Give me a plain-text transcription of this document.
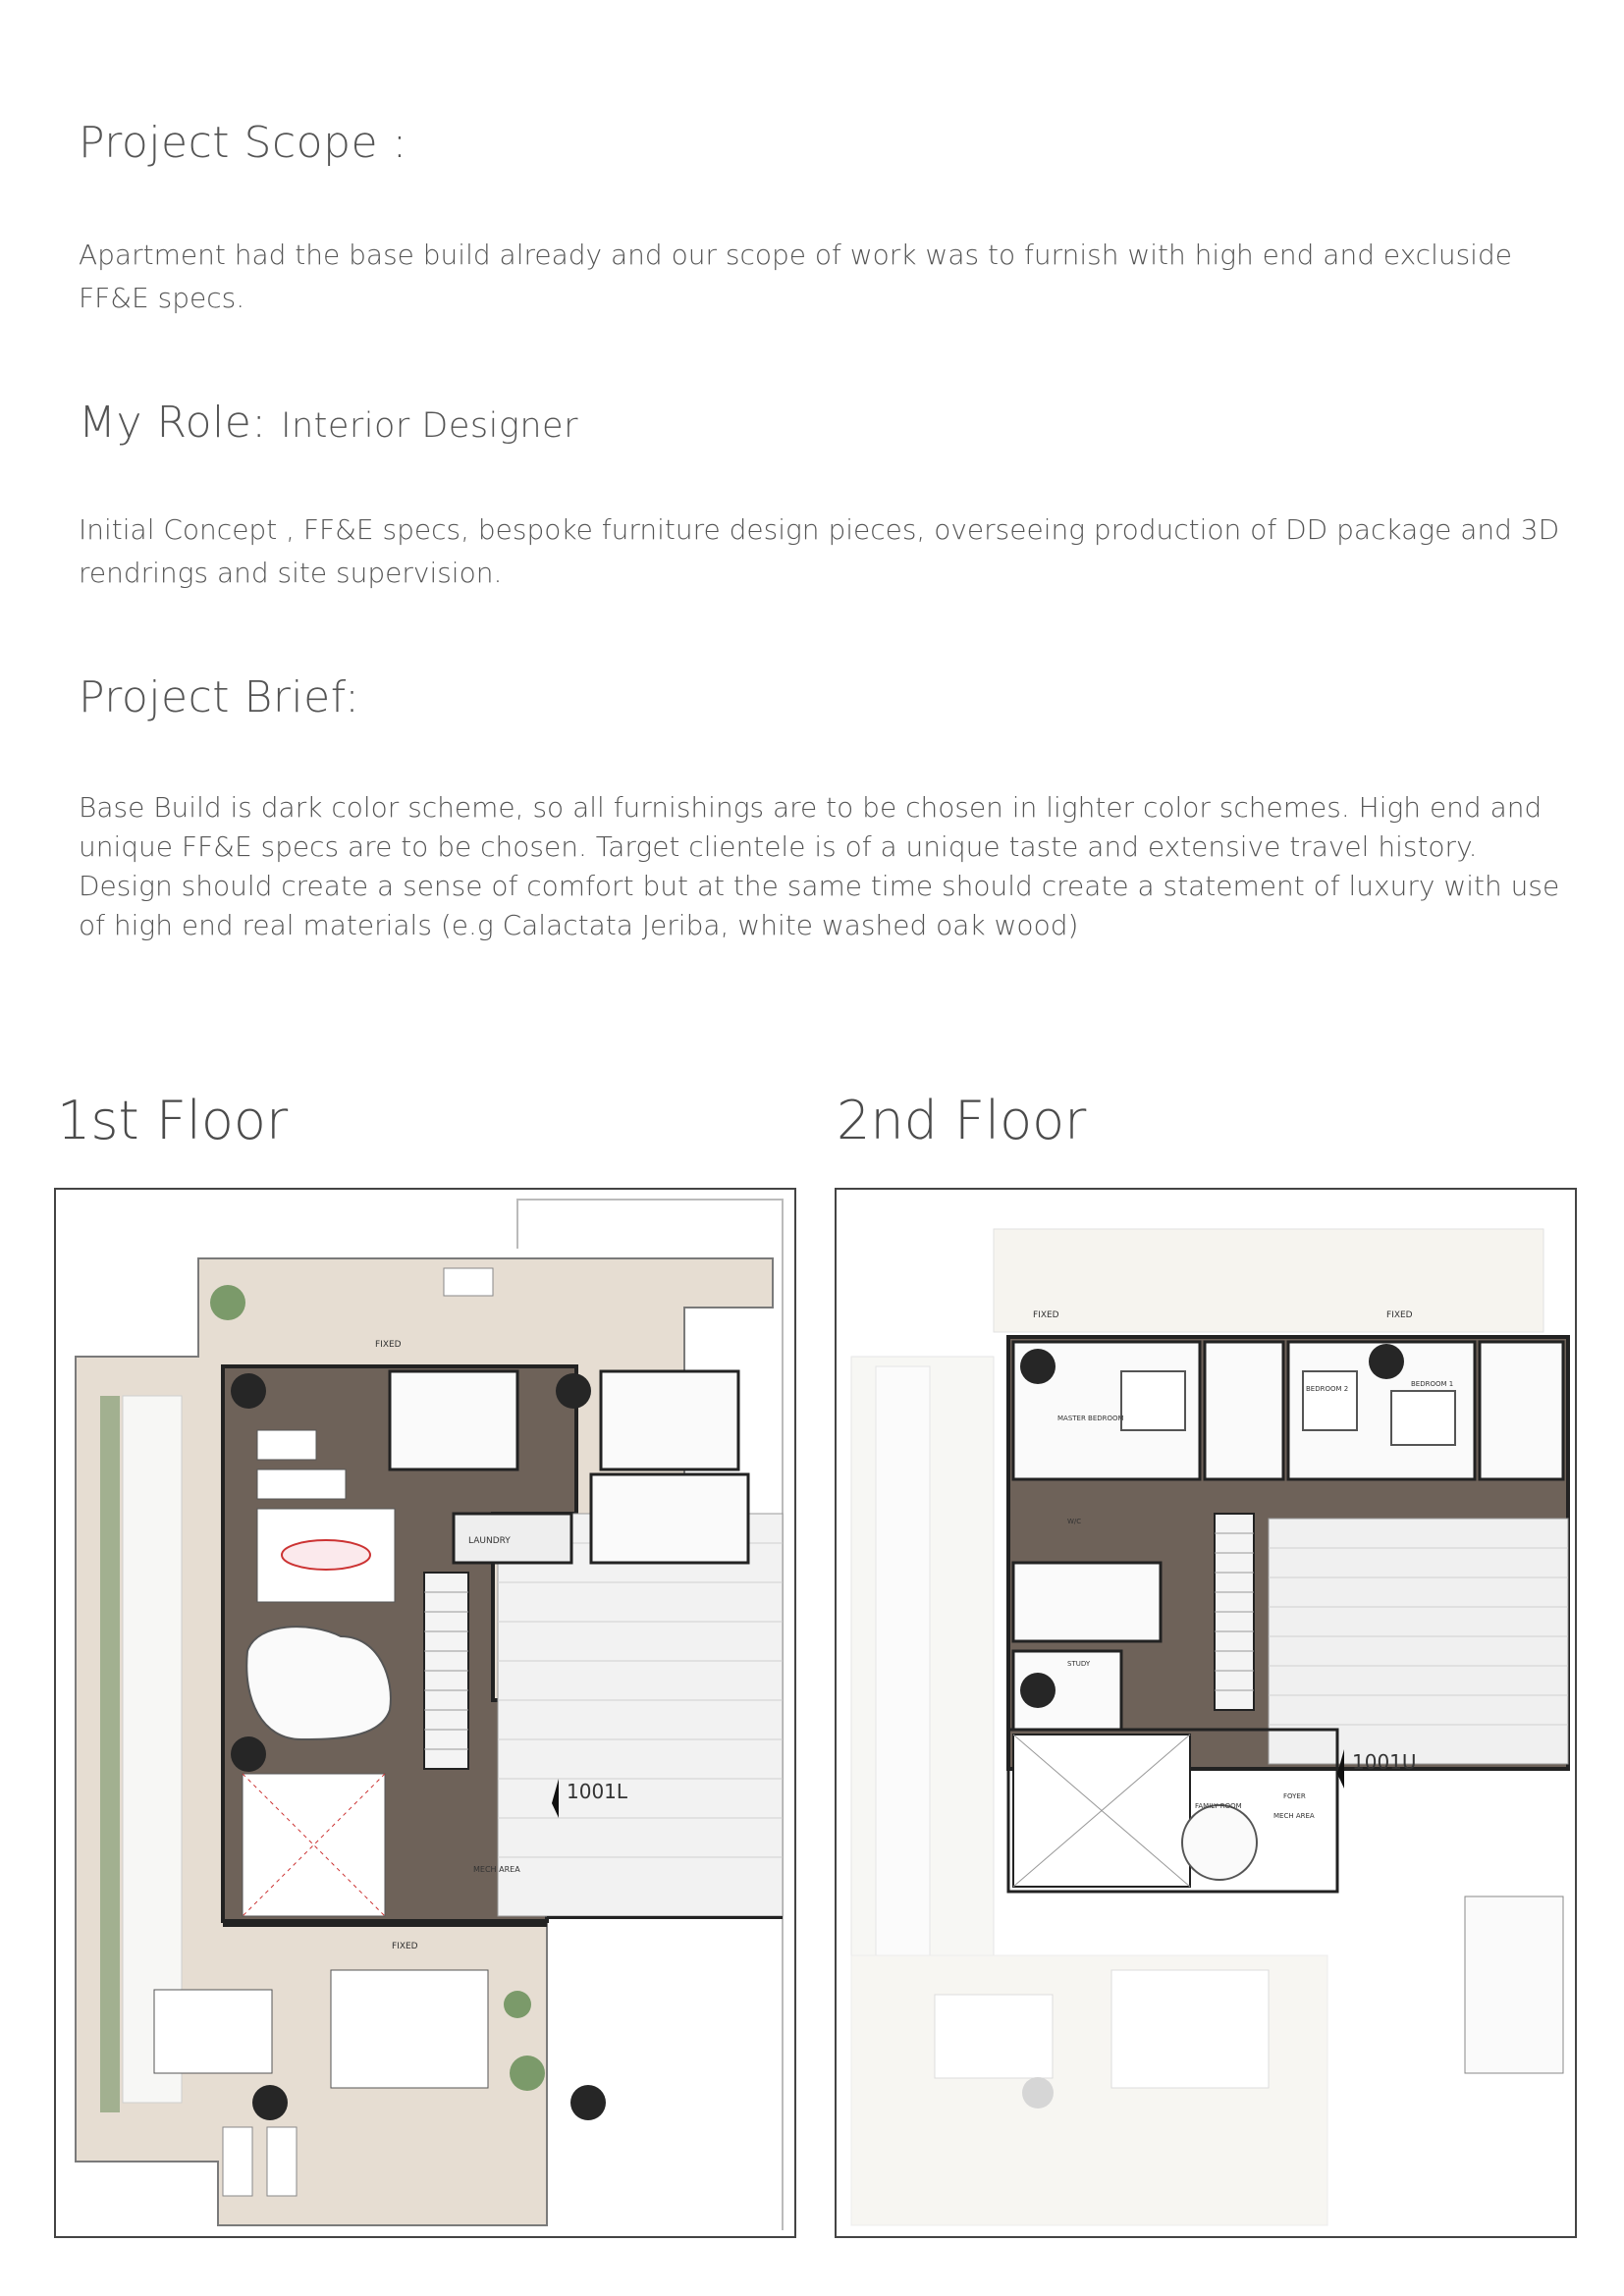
Project Scope :

Apartment had the base build already and our scope of work was to furnish with high end and excluside FF&E specs.

My Role: Interior Designer

Initial Concept , FF&E specs, bespoke furniture design pieces, overseeing production of DD package and 3D rendrings and site supervision.

Project Brief:

Base Build is dark color scheme, so all furnishings are to be chosen in lighter color schemes. High end and unique FF&E specs are to be chosen. Target clientele is of a unique taste and extensive travel history. Design should create a sense of comfort but at the same time should create a statement of luxury with use of high end real materials (e.g Calactata Jeriba, white washed oak wood)

1st Floor	2nd Floor
FIXED
FIXED
LAUNDRY
MECH AREA
1001L
FIXED	FIXED
MASTER BEDROOM
BEDROOM 2
BEDROOM 1
W/C
STUDY
FAMILY ROOM
FOYER
MECH AREA
1001U
